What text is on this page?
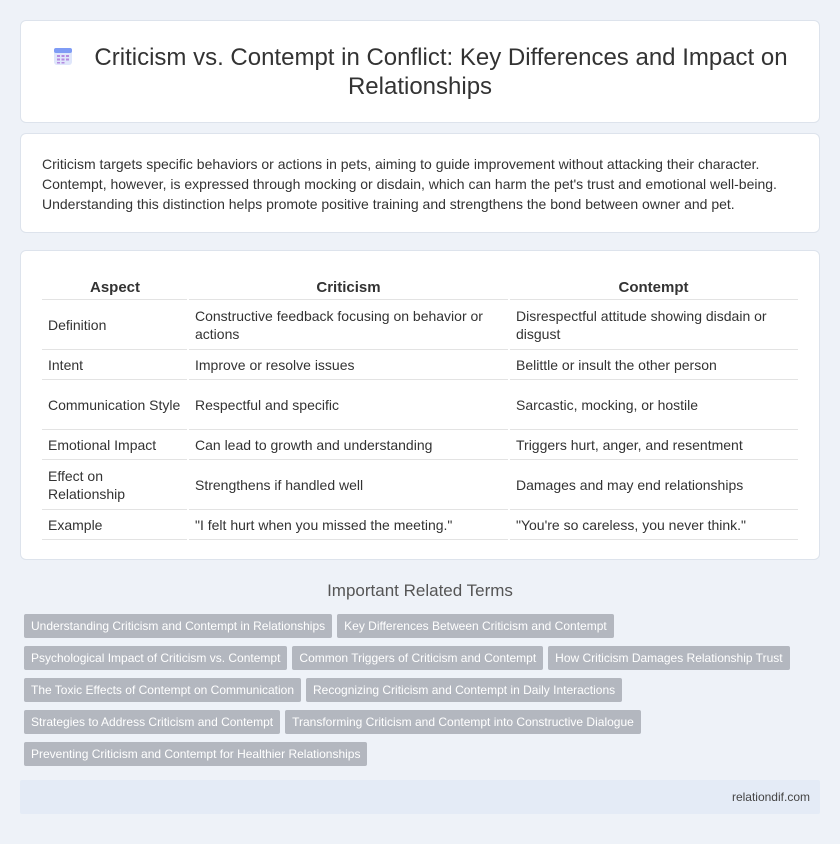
Criticism vs. Contempt in Conflict: Key Differences and Impact on Relationships

Criticism targets specific behaviors or actions in pets, aiming to guide improvement without attacking their character. Contempt, however, is expressed through mocking or disdain, which can harm the pet's trust and emotional well-being. Understanding this distinction helps promote positive training and strengthens the bond between owner and pet.

Aspect	Criticism	Contempt
Definition	Constructive feedback focusing on behavior or actions	Disrespectful attitude showing disdain or disgust
Intent	Improve or resolve issues	Belittle or insult the other person
Communication Style	Respectful and specific	Sarcastic, mocking, or hostile
Emotional Impact	Can lead to growth and understanding	Triggers hurt, anger, and resentment
Effect on Relationship	Strengthens if handled well	Damages and may end relationships
Example	"I felt hurt when you missed the meeting."	"You're so careless, you never think."
Important Related Terms
Understanding Criticism and Contempt in Relationships Key Differences Between Criticism and Contempt
Psychological Impact of Criticism vs. Contempt Common Triggers of Criticism and Contempt How Criticism Damages Relationship Trust
The Toxic Effects of Contempt on Communication Recognizing Criticism and Contempt in Daily Interactions
Strategies to Address Criticism and Contempt Transforming Criticism and Contempt into Constructive Dialogue
Preventing Criticism and Contempt for Healthier Relationships
relationdif.com
